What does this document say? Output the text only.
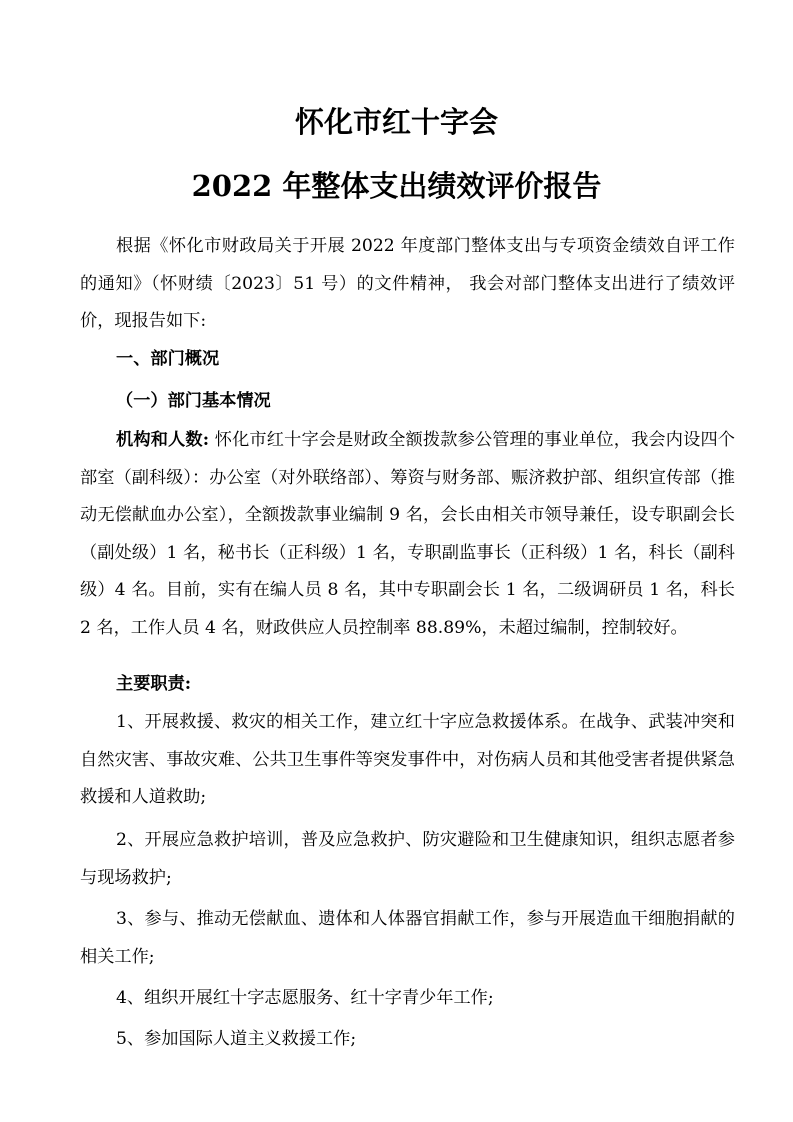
怀化市红十字会
2022 年整体支出绩效评价报告

根据《怀化市财政局关于开展 2022 年度部门整体支出与专项资金绩效自评工作的通知》（怀财绩〔2023〕51 号）的文件精神， 我会对部门整体支出进行了绩效评价，现报告如下:

一、部门概况
（一）部门基本情况

机构和人数: 怀化市红十字会是财政全额拨款参公管理的事业单位，我会内设四个部室（副科级）：办公室（对外联络部）、筹资与财务部、赈济救护部、组织宣传部（推动无偿献血办公室），全额拨款事业编制 9 名，会长由相关市领导兼任，设专职副会长（副处级）1 名，秘书长（正科级）1 名，专职副监事长（正科级）1 名，科长（副科级）4 名。目前，实有在编人员 8 名，其中专职副会长 1 名，二级调研员 1 名，科长 2 名，工作人员 4 名，财政供应人员控制率 88.89%，未超过编制，控制较好。

主要职责:

1、开展救援、救灾的相关工作，建立红十字应急救援体系。在战争、武装冲突和自然灾害、事故灾难、公共卫生事件等突发事件中，对伤病人员和其他受害者提供紧急救援和人道救助;

2、开展应急救护培训，普及应急救护、防灾避险和卫生健康知识，组织志愿者参与现场救护;

3、参与、推动无偿献血、遗体和人体器官捐献工作，参与开展造血干细胞捐献的相关工作;

4、组织开展红十字志愿服务、红十字青少年工作;
5、参加国际人道主义救援工作;
